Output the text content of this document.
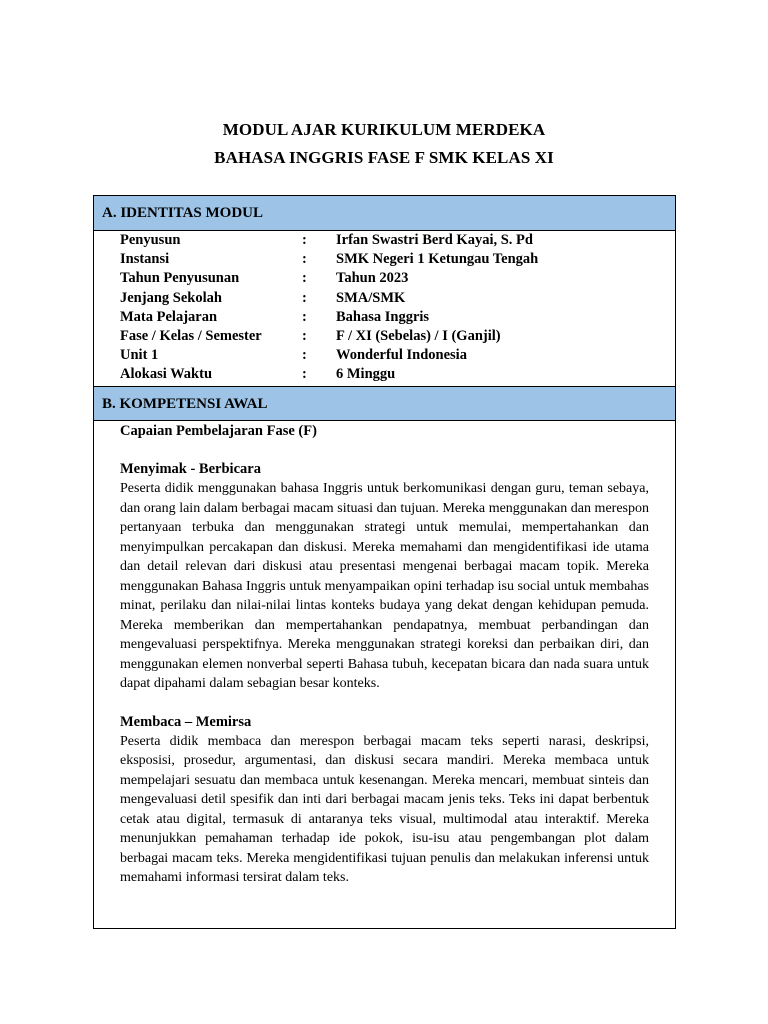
MODUL AJAR KURIKULUM MERDEKA
BAHASA INGGRIS FASE F SMK KELAS XI
A. IDENTITAS MODUL
Penyusun	:	Irfan Swastri Berd Kayai, S. Pd
Instansi	:	SMK Negeri 1 Ketungau Tengah
Tahun Penyusunan	:	Tahun 2023
Jenjang Sekolah	:	SMA/SMK
Mata Pelajaran	:	Bahasa Inggris
Fase / Kelas / Semester	:	F / XI (Sebelas) / I (Ganjil)
Unit 1	:	Wonderful Indonesia
Alokasi Waktu	:	6 Minggu
B. KOMPETENSI AWAL
Capaian Pembelajaran Fase (F)
Menyimak - Berbicara
Peserta didik menggunakan bahasa Inggris untuk berkomunikasi dengan guru, teman sebaya, dan orang lain dalam berbagai macam situasi dan tujuan. Mereka menggunakan dan merespon pertanyaan terbuka dan menggunakan strategi untuk memulai, mempertahankan dan menyimpulkan percakapan dan diskusi. Mereka memahami dan mengidentifikasi ide utama dan detail relevan dari diskusi atau presentasi mengenai berbagai macam topik. Mereka menggunakan Bahasa Inggris untuk menyampaikan opini terhadap isu social untuk membahas minat, perilaku dan nilai-nilai lintas konteks budaya yang dekat dengan kehidupan pemuda. Mereka memberikan dan mempertahankan pendapatnya, membuat perbandingan dan mengevaluasi perspektifnya. Mereka menggunakan strategi koreksi dan perbaikan diri, dan menggunakan elemen nonverbal seperti Bahasa tubuh, kecepatan bicara dan nada suara untuk dapat dipahami dalam sebagian besar konteks.
Membaca – Memirsa
Peserta didik membaca dan merespon berbagai macam teks seperti narasi, deskripsi, eksposisi, prosedur, argumentasi, dan diskusi secara mandiri. Mereka membaca untuk mempelajari sesuatu dan membaca untuk kesenangan. Mereka mencari, membuat sinteis dan mengevaluasi detil spesifik dan inti dari berbagai macam jenis teks. Teks ini dapat berbentuk cetak atau digital, termasuk di antaranya teks visual, multimodal atau interaktif. Mereka menunjukkan pemahaman terhadap ide pokok, isu-isu atau pengembangan plot dalam berbagai macam teks. Mereka mengidentifikasi tujuan penulis dan melakukan inferensi untuk memahami informasi tersirat dalam teks.
